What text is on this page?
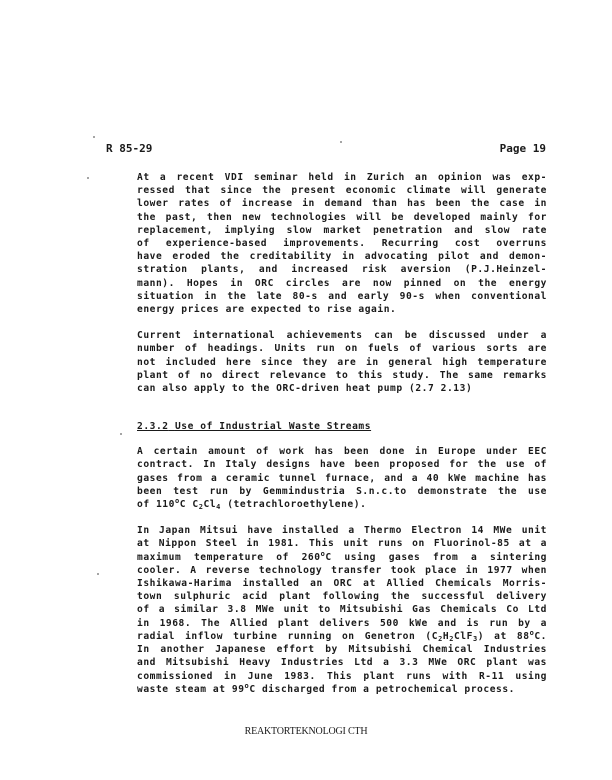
R 85-29	Page 19
At a recent VDI seminar held in Zurich an opinion was exp-
ressed that since the present economic climate will generate
lower rates of increase in demand than has been the case in
the past, then new technologies will be developed mainly for
replacement, implying slow market penetration and slow rate
of experience-based improvements. Recurring cost overruns
have eroded the creditability in advocating pilot and demon-
stration plants, and increased risk aversion (P.J.Heinzel-
mann). Hopes in ORC circles are now pinned on the energy
situation in the late 80-s and early 90-s when conventional
energy prices are expected to rise again.
Current international achievements can be discussed under a
number of headings. Units run on fuels of various sorts are
not included here since they are in general high temperature
plant of no direct relevance to this study. The same remarks
can also apply to the ORC-driven heat pump (2.7 2.13)
2.3.2 Use of Industrial Waste Streams
A certain amount of work has been done in Europe under EEC
contract. In Italy designs have been proposed for the use of
gases from a ceramic tunnel furnace, and a 40 kWe machine has
been test run by Gemmindustria S.n.c.to demonstrate the use
of 110$^o$C $C_2Cl_4$ (tetrachloroethylene).
In Japan Mitsui have installed a Thermo Electron 14 MWe unit
at Nippon Steel in 1981. This unit runs on Fluorinol-85 at a
maximum temperature of 260$^o$C using gases from a sintering
cooler. A reverse technology transfer took place in 1977 when
Ishikawa-Harima installed an ORC at Allied Chemicals Morris-
town sulphuric acid plant following the successful delivery
of a similar 3.8 MWe unit to Mitsubishi Gas Chemicals Co Ltd
in 1968. The Allied plant delivers 500 kWe and is run by a
radial inflow turbine running on Genetron $(C_2H_2ClF_3)$ at 88$^o$C.
In another Japanese effort by Mitsubishi Chemical Industries
and Mitsubishi Heavy Industries Ltd a 3.3 MWe ORC plant was
commissioned in June 1983. This plant runs with R-11 using
waste steam at 99$^o$C discharged from a petrochemical process.
REAKTORTEKNOLOGI CTH
